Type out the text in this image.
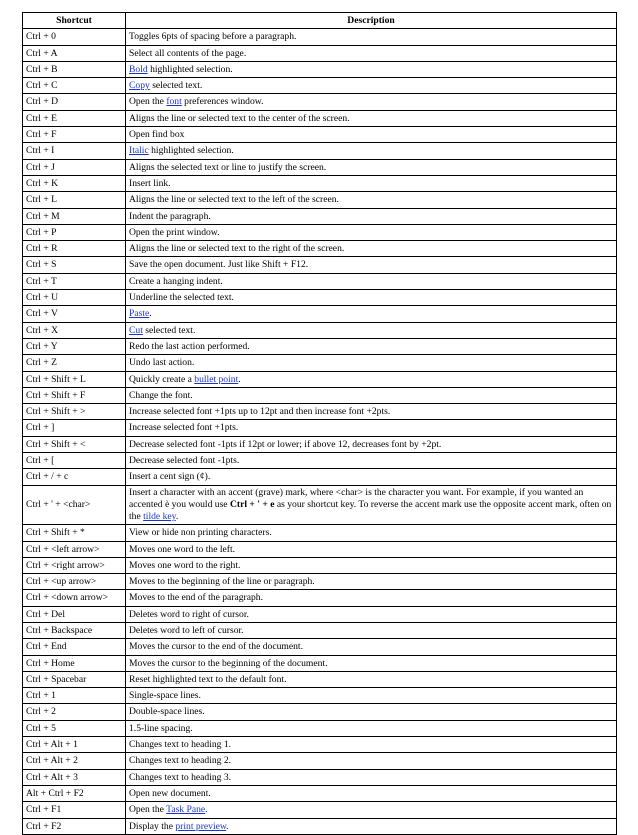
Shortcut	Description
Ctrl + 0	Toggles 6pts of spacing before a paragraph.
Ctrl + A	Select all contents of the page.
Ctrl + B	Bold highlighted selection.
Ctrl + C	Copy selected text.
Ctrl + D	Open the font preferences window.
Ctrl + E	Aligns the line or selected text to the center of the screen.
Ctrl + F	Open find box
Ctrl + I	Italic highlighted selection.
Ctrl + J	Aligns the selected text or line to justify the screen.
Ctrl + K	Insert link.
Ctrl + L	Aligns the line or selected text to the left of the screen.
Ctrl + M	Indent the paragraph.
Ctrl + P	Open the print window.
Ctrl + R	Aligns the line or selected text to the right of the screen.
Ctrl + S	Save the open document. Just like Shift + F12.
Ctrl + T	Create a hanging indent.
Ctrl + U	Underline the selected text.
Ctrl + V	Paste.
Ctrl + X	Cut selected text.
Ctrl + Y	Redo the last action performed.
Ctrl + Z	Undo last action.
Ctrl + Shift + L	Quickly create a bullet point.
Ctrl + Shift + F	Change the font.
Ctrl + Shift + >	Increase selected font +1pts up to 12pt and then increase font +2pts.
Ctrl + ]	Increase selected font +1pts.
Ctrl + Shift + <	Decrease selected font -1pts if 12pt or lower; if above 12, decreases font by +2pt.
Ctrl + [	Decrease selected font -1pts.
Ctrl + / + c	Insert a cent sign (¢).
Ctrl + ' + <char>	Insert a character with an accent (grave) mark, where <char> is the character you want. For example, if you wanted an accented è you would use Ctrl + ' + e as your shortcut key. To reverse the accent mark use the opposite accent mark, often on the tilde key.
Ctrl + Shift + *	View or hide non printing characters.
Ctrl + <left arrow>	Moves one word to the left.
Ctrl + <right arrow>	Moves one word to the right.
Ctrl + <up arrow>	Moves to the beginning of the line or paragraph.
Ctrl + <down arrow>	Moves to the end of the paragraph.
Ctrl + Del	Deletes word to right of cursor.
Ctrl + Backspace	Deletes word to left of cursor.
Ctrl + End	Moves the cursor to the end of the document.
Ctrl + Home	Moves the cursor to the beginning of the document.
Ctrl + Spacebar	Reset highlighted text to the default font.
Ctrl + 1	Single-space lines.
Ctrl + 2	Double-space lines.
Ctrl + 5	1.5-line spacing.
Ctrl + Alt + 1	Changes text to heading 1.
Ctrl + Alt + 2	Changes text to heading 2.
Ctrl + Alt + 3	Changes text to heading 3.
Alt + Ctrl + F2	Open new document.
Ctrl + F1	Open the Task Pane.
Ctrl + F2	Display the print preview.
